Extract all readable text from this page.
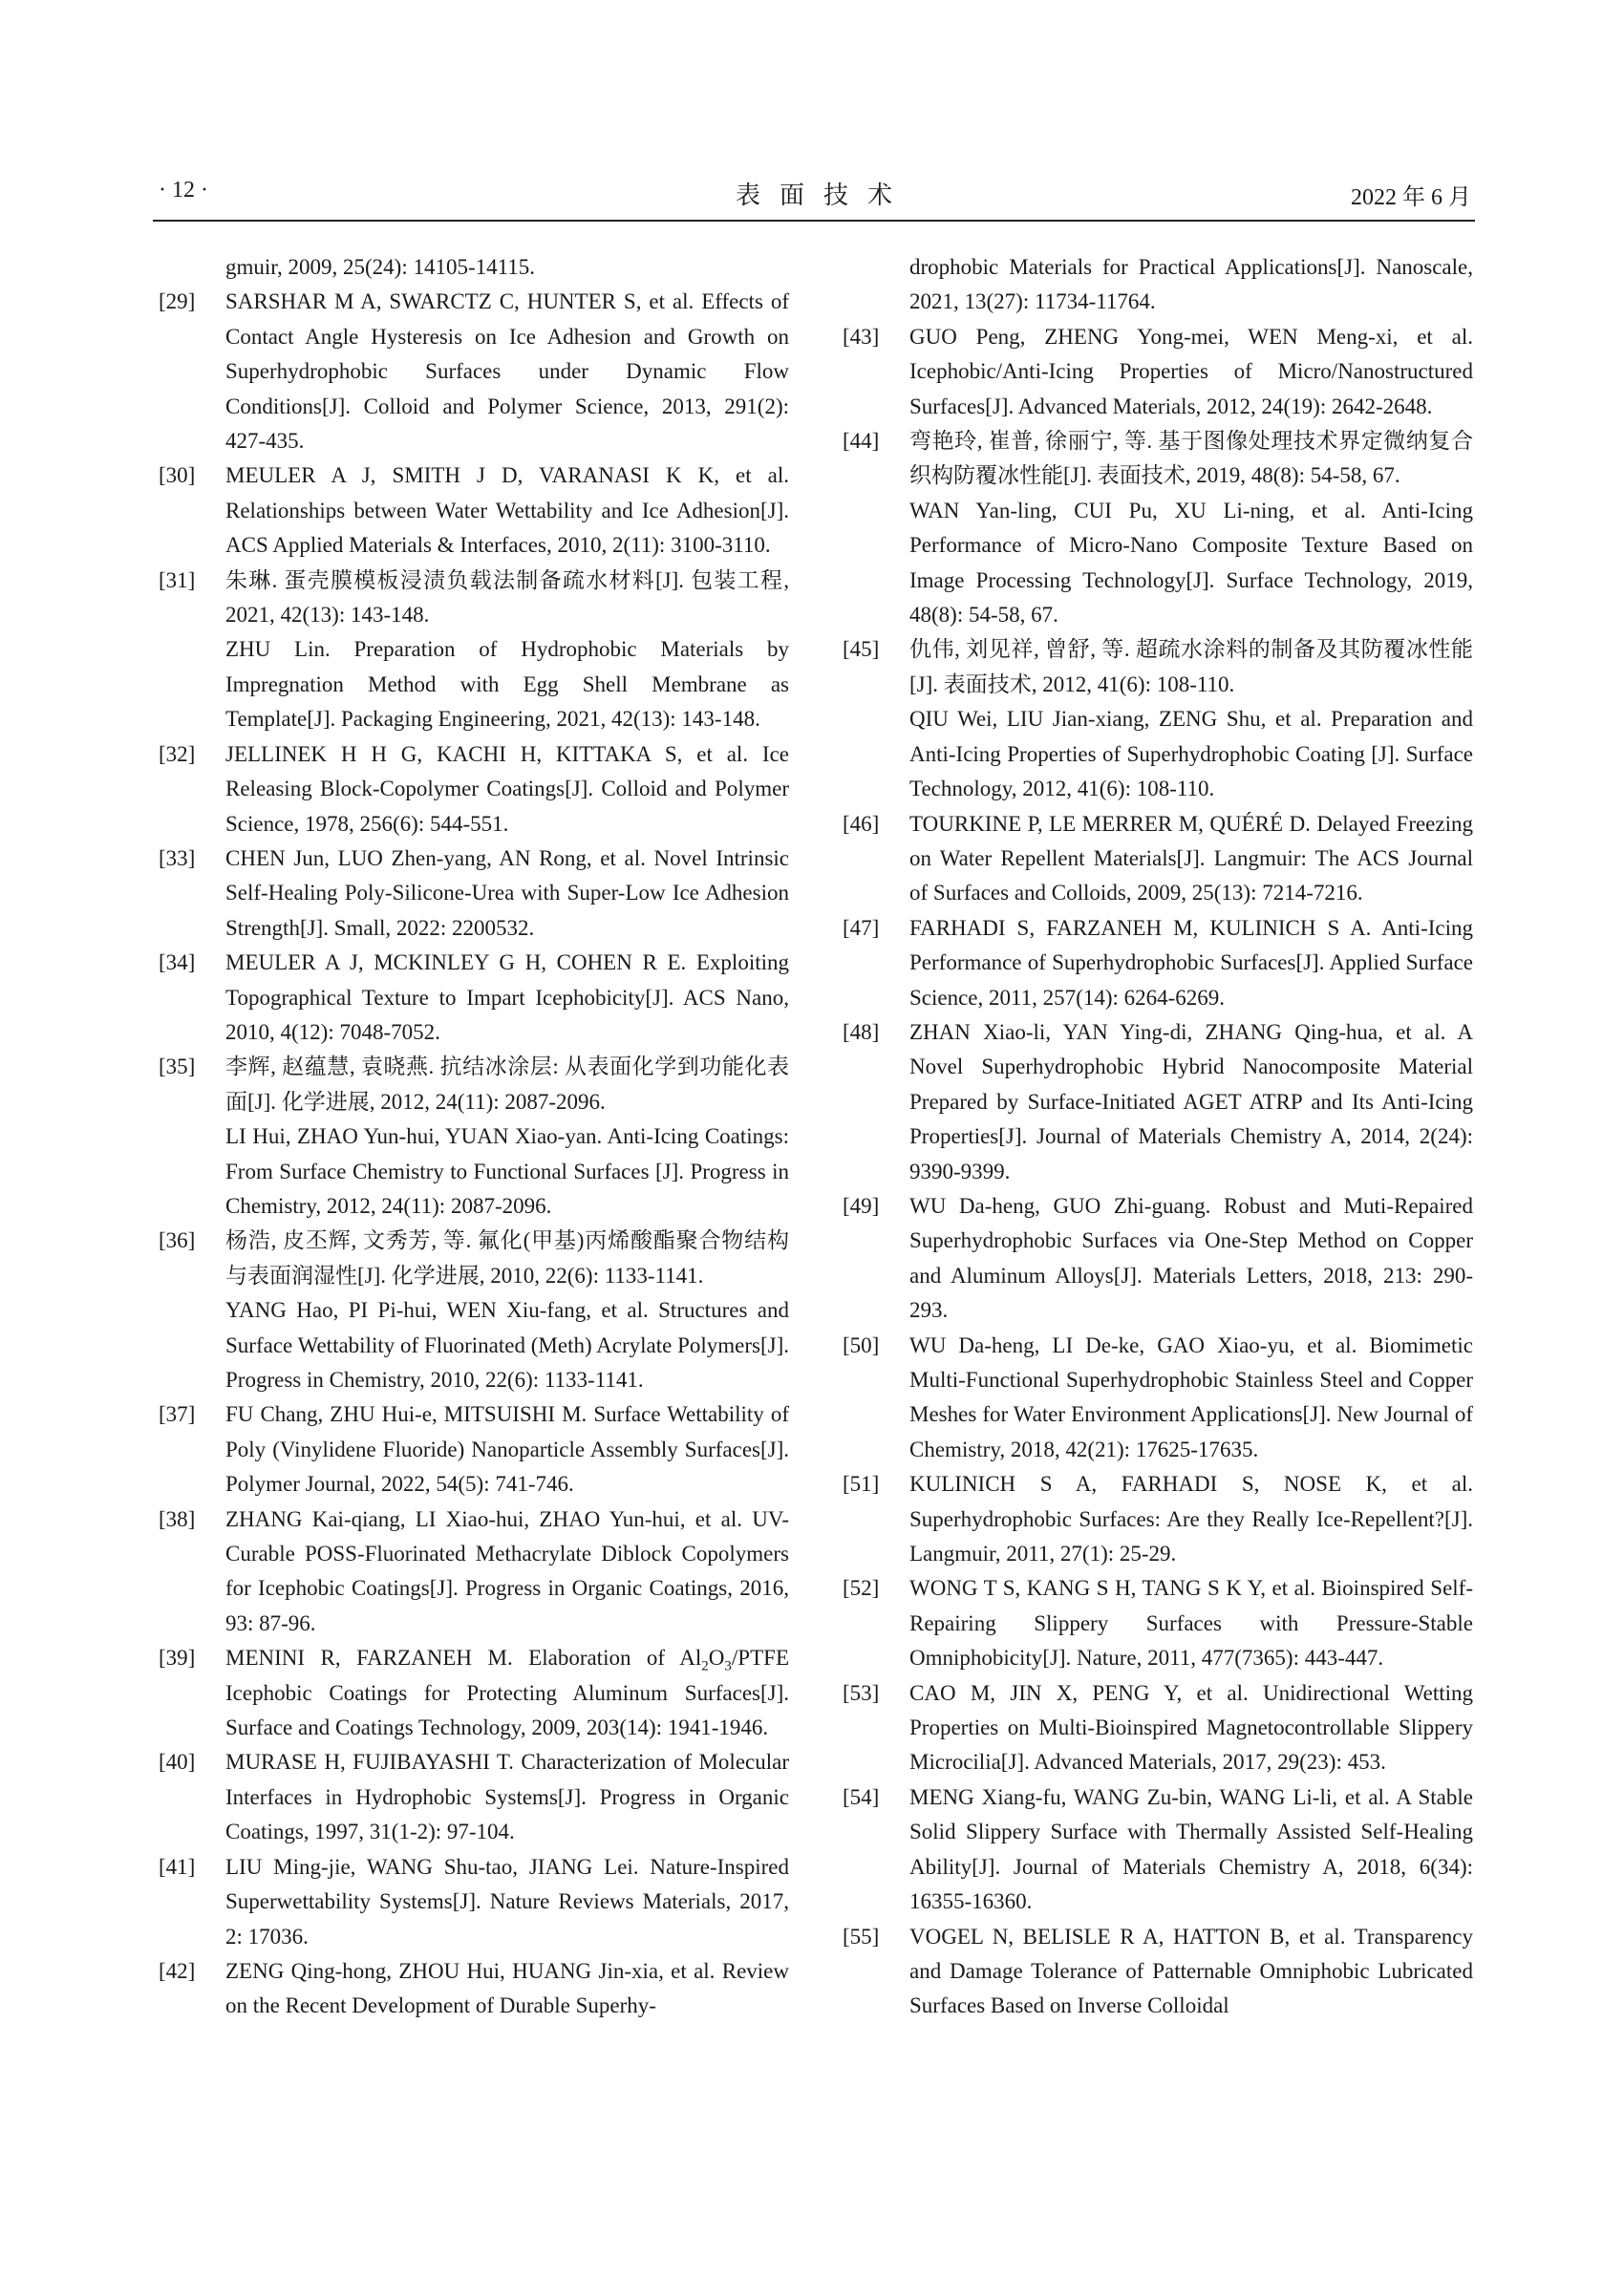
· 12 ·	表面技术	2022 年 6 月
gmuir, 2009, 25(24): 14105-14115.
[29]	SARSHAR M A, SWARCTZ C, HUNTER S, et al. Effects of Contact Angle Hysteresis on Ice Adhesion and Growth on Superhydrophobic Surfaces under Dynamic Flow Conditions[J]. Colloid and Polymer Science, 2013, 291(2): 427-435.
[30]	MEULER A J, SMITH J D, VARANASI K K, et al. Relationships between Water Wettability and Ice Adhesion[J]. ACS Applied Materials & Interfaces, 2010, 2(11): 3100-3110.
[31]	朱琳. 蛋壳膜模板浸渍负载法制备疏水材料[J]. 包装工程, 2021, 42(13): 143-148.
ZHU Lin. Preparation of Hydrophobic Materials by Impregnation Method with Egg Shell Membrane as Template[J]. Packaging Engineering, 2021, 42(13): 143-148.
[32]	JELLINEK H H G, KACHI H, KITTAKA S, et al. Ice Releasing Block-Copolymer Coatings[J]. Colloid and Polymer Science, 1978, 256(6): 544-551.
[33]	CHEN Jun, LUO Zhen-yang, AN Rong, et al. Novel Intrinsic Self-Healing Poly-Silicone-Urea with Super-Low Ice Adhesion Strength[J]. Small, 2022: 2200532.
[34]	MEULER A J, MCKINLEY G H, COHEN R E. Exploiting Topographical Texture to Impart Icephobicity[J]. ACS Nano, 2010, 4(12): 7048-7052.
[35]	李辉, 赵蕴慧, 袁晓燕. 抗结冰涂层: 从表面化学到功能化表面[J]. 化学进展, 2012, 24(11): 2087-2096.
LI Hui, ZHAO Yun-hui, YUAN Xiao-yan. Anti-Icing Coatings: From Surface Chemistry to Functional Surfaces [J]. Progress in Chemistry, 2012, 24(11): 2087-2096.
[36]	杨浩, 皮丕辉, 文秀芳, 等. 氟化(甲基)丙烯酸酯聚合物结构与表面润湿性[J]. 化学进展, 2010, 22(6): 1133-1141.
YANG Hao, PI Pi-hui, WEN Xiu-fang, et al. Structures and Surface Wettability of Fluorinated (Meth) Acrylate Polymers[J]. Progress in Chemistry, 2010, 22(6): 1133-1141.
[37]	FU Chang, ZHU Hui-e, MITSUISHI M. Surface Wettability of Poly (Vinylidene Fluoride) Nanoparticle Assembly Surfaces[J]. Polymer Journal, 2022, 54(5): 741-746.
[38]	ZHANG Kai-qiang, LI Xiao-hui, ZHAO Yun-hui, et al. UV-Curable POSS-Fluorinated Methacrylate Diblock Copolymers for Icephobic Coatings[J]. Progress in Organic Coatings, 2016, 93: 87-96.
[39]	MENINI R, FARZANEH M. Elaboration of $Al_2O_3$/PTFE Icephobic Coatings for Protecting Aluminum Surfaces[J]. Surface and Coatings Technology, 2009, 203(14): 1941-1946.
[40]	MURASE H, FUJIBAYASHI T. Characterization of Molecular Interfaces in Hydrophobic Systems[J]. Progress in Organic Coatings, 1997, 31(1-2): 97-104.
[41]	LIU Ming-jie, WANG Shu-tao, JIANG Lei. Nature-Inspired Superwettability Systems[J]. Nature Reviews Materials, 2017, 2: 17036.
[42]	ZENG Qing-hong, ZHOU Hui, HUANG Jin-xia, et al. Review on the Recent Development of Durable Superhy-
drophobic Materials for Practical Applications[J]. Nanoscale, 2021, 13(27): 11734-11764.
[43]	GUO Peng, ZHENG Yong-mei, WEN Meng-xi, et al. Icephobic/Anti-Icing Properties of Micro/Nanostructured Surfaces[J]. Advanced Materials, 2012, 24(19): 2642-2648.
[44]	弯艳玲, 崔普, 徐丽宁, 等. 基于图像处理技术界定微纳复合织构防覆冰性能[J]. 表面技术, 2019, 48(8): 54-58, 67.
WAN Yan-ling, CUI Pu, XU Li-ning, et al. Anti-Icing Performance of Micro-Nano Composite Texture Based on Image Processing Technology[J]. Surface Technology, 2019, 48(8): 54-58, 67.
[45]	仇伟, 刘见祥, 曾舒, 等. 超疏水涂料的制备及其防覆冰性能[J]. 表面技术, 2012, 41(6): 108-110.
QIU Wei, LIU Jian-xiang, ZENG Shu, et al. Preparation and Anti-Icing Properties of Superhydrophobic Coating [J]. Surface Technology, 2012, 41(6): 108-110.
[46]	TOURKINE P, LE MERRER M, QUÉRÉ D. Delayed Freezing on Water Repellent Materials[J]. Langmuir: The ACS Journal of Surfaces and Colloids, 2009, 25(13): 7214-7216.
[47]	FARHADI S, FARZANEH M, KULINICH S A. Anti-Icing Performance of Superhydrophobic Surfaces[J]. Applied Surface Science, 2011, 257(14): 6264-6269.
[48]	ZHAN Xiao-li, YAN Ying-di, ZHANG Qing-hua, et al. A Novel Superhydrophobic Hybrid Nanocomposite Material Prepared by Surface-Initiated AGET ATRP and Its Anti-Icing Properties[J]. Journal of Materials Chemistry A, 2014, 2(24): 9390-9399.
[49]	WU Da-heng, GUO Zhi-guang. Robust and Muti-Repaired Superhydrophobic Surfaces via One-Step Method on Copper and Aluminum Alloys[J]. Materials Letters, 2018, 213: 290-293.
[50]	WU Da-heng, LI De-ke, GAO Xiao-yu, et al. Biomimetic Multi-Functional Superhydrophobic Stainless Steel and Copper Meshes for Water Environment Applications[J]. New Journal of Chemistry, 2018, 42(21): 17625-17635.
[51]	KULINICH S A, FARHADI S, NOSE K, et al. Superhydrophobic Surfaces: Are they Really Ice-Repellent?[J]. Langmuir, 2011, 27(1): 25-29.
[52]	WONG T S, KANG S H, TANG S K Y, et al. Bioinspired Self-Repairing Slippery Surfaces with Pressure-Stable Omniphobicity[J]. Nature, 2011, 477(7365): 443-447.
[53]	CAO M, JIN X, PENG Y, et al. Unidirectional Wetting Properties on Multi-Bioinspired Magnetocontrollable Slippery Microcilia[J]. Advanced Materials, 2017, 29(23): 453.
[54]	MENG Xiang-fu, WANG Zu-bin, WANG Li-li, et al. A Stable Solid Slippery Surface with Thermally Assisted Self-Healing Ability[J]. Journal of Materials Chemistry A, 2018, 6(34): 16355-16360.
[55]	VOGEL N, BELISLE R A, HATTON B, et al. Transparency and Damage Tolerance of Patternable Omniphobic Lubricated Surfaces Based on Inverse Colloidal
